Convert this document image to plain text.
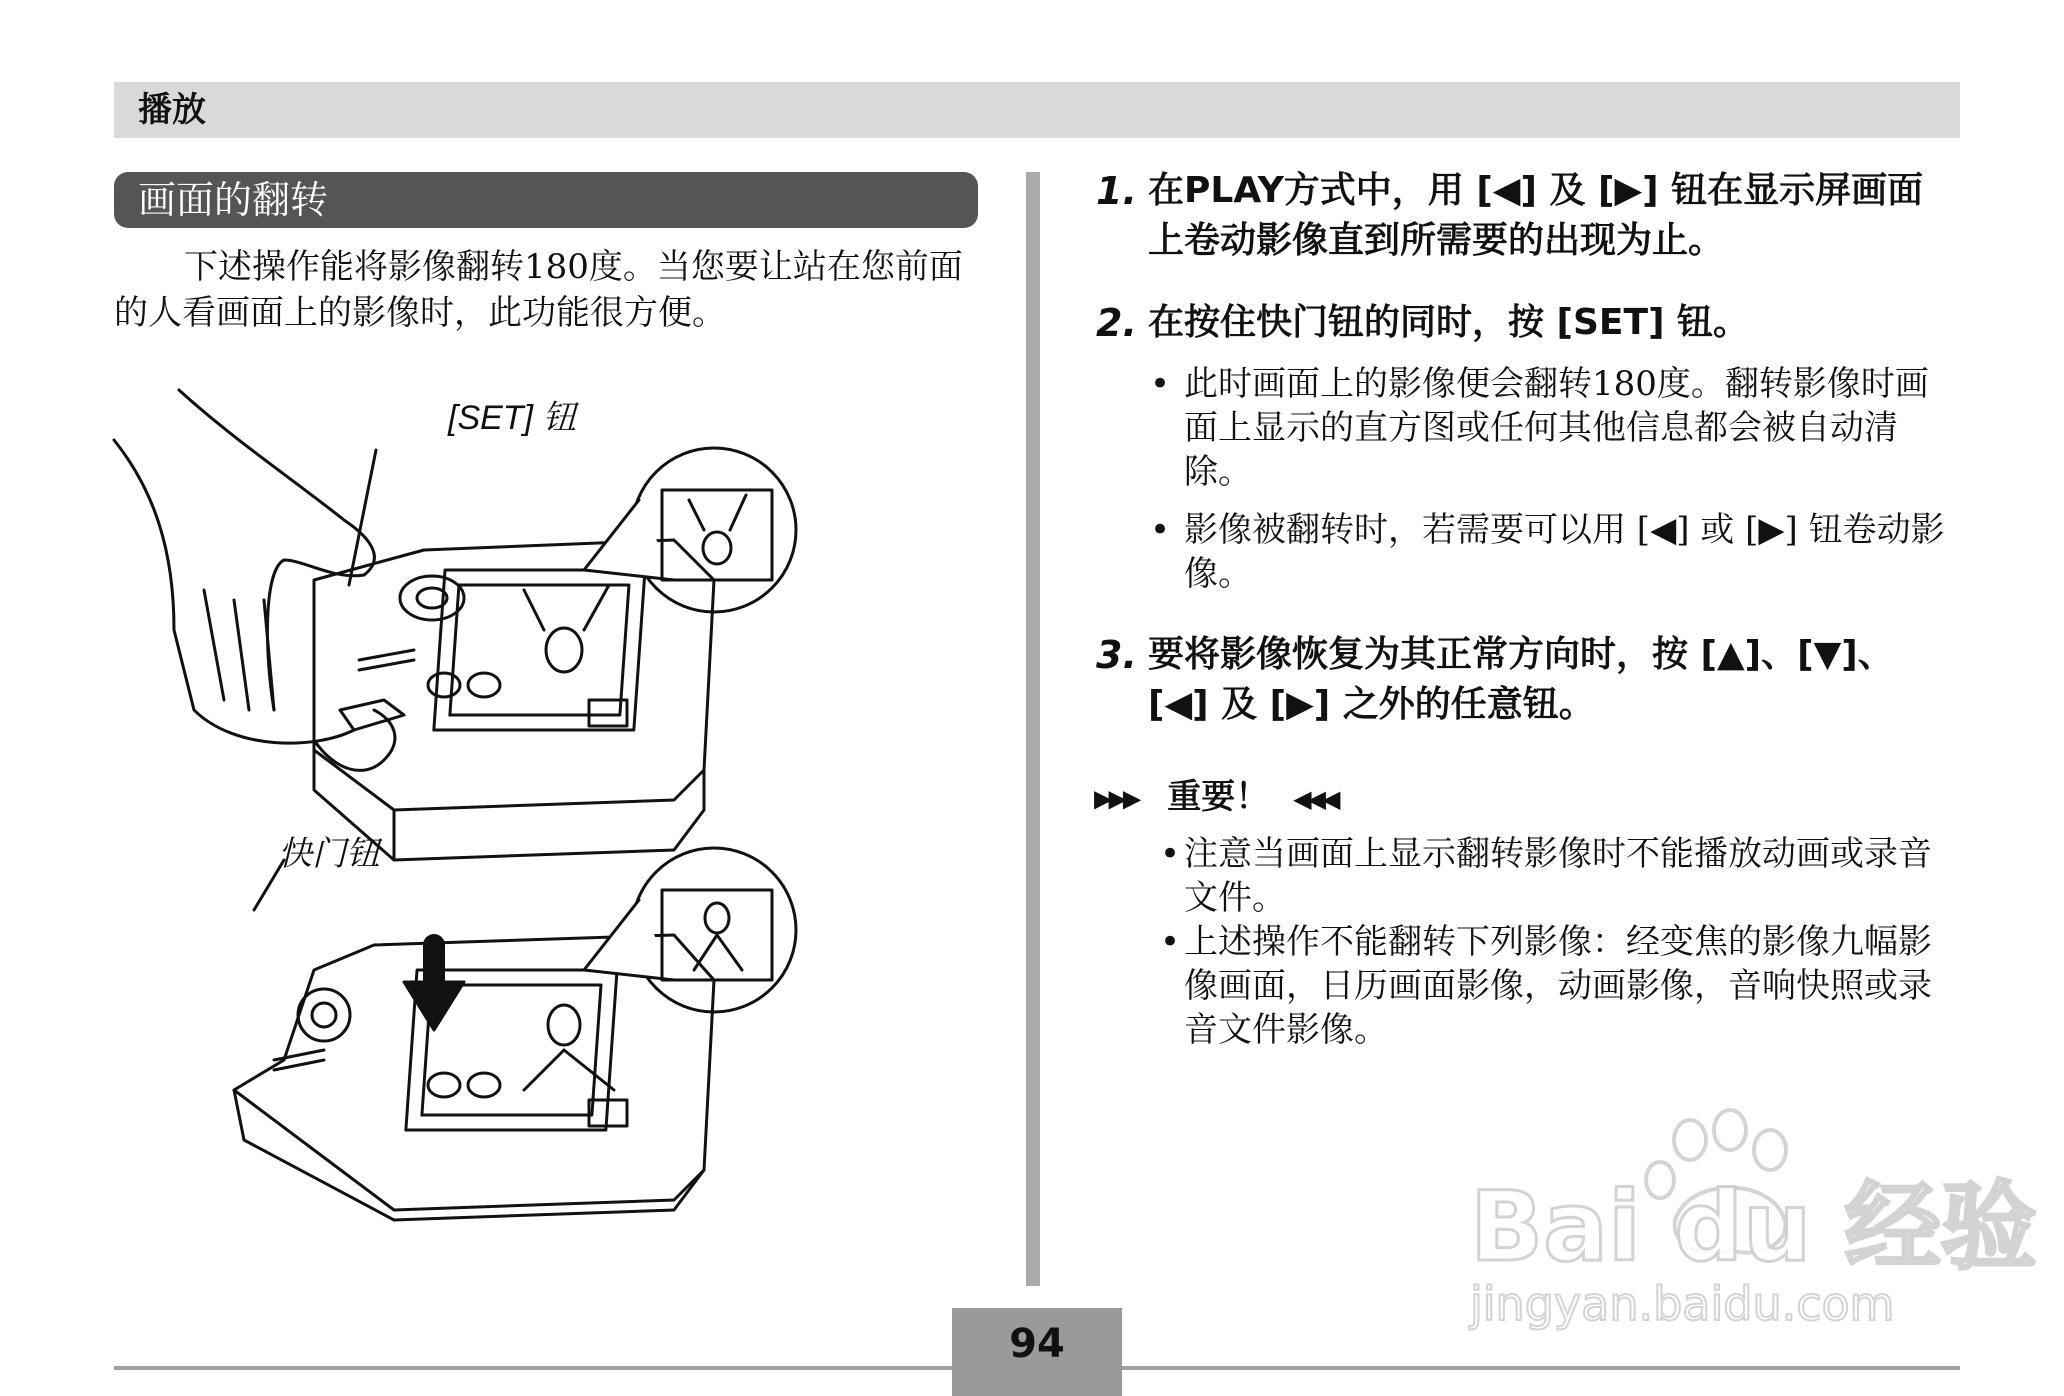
播放
画面的翻转
下述操作能将影像翻转180度。当您要让站在您前面的人看画面上的影像时，此功能很方便。
[SET] 钮
快门钮
1. 在PLAY方式中，用 [◀] 及 [▶] 钮在显示屏画面上卷动影像直到所需要的出现为止。
2. 在按住快门钮的同时，按 [SET] 钮。
• 此时画面上的影像便会翻转180度。翻转影像时画面上显示的直方图或任何其他信息都会被自动清除。
• 影像被翻转时，若需要可以用 [◀] 或 [▶] 钮卷动影像。
3. 要将影像恢复为其正常方向时，按 [▲]、[▼]、[◀] 及 [▶] 之外的任意钮。
▶▶▶ 重要！ ◀◀◀
• 注意当画面上显示翻转影像时不能播放动画或录音文件。
• 上述操作不能翻转下列影像：经变焦的影像九幅影像画面，日历画面影像，动画影像，音响快照或录音文件影像。
Bai du 经验
jingyan.baidu.com
94
